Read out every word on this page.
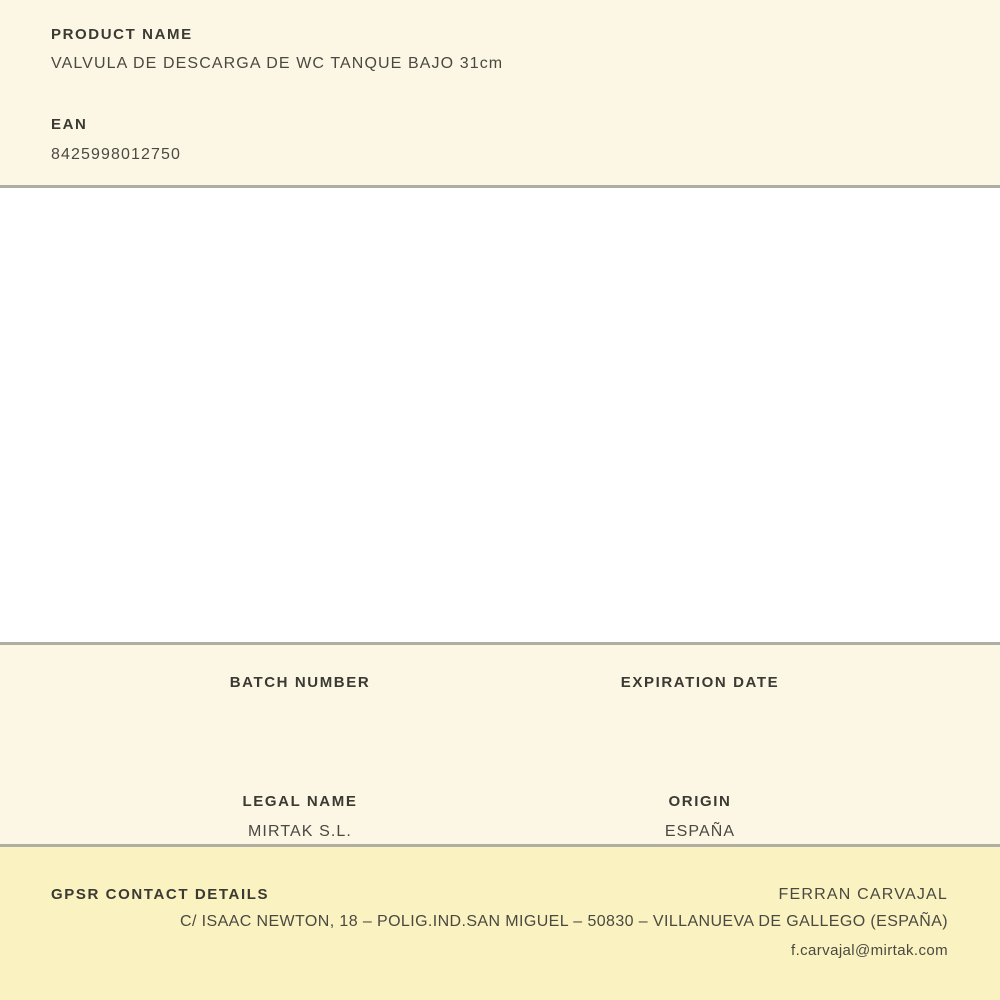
PRODUCT NAME
VALVULA DE DESCARGA DE WC TANQUE BAJO 31cm
EAN
8425998012750
BATCH NUMBER	EXPIRATION DATE
LEGAL NAME
MIRTAK S.L.
ORIGIN
ESPAÑA
GPSR CONTACT DETAILS	FERRAN CARVAJAL
C/ ISAAC NEWTON, 18 – POLIG.IND.SAN MIGUEL – 50830 – VILLANUEVA DE GALLEGO (ESPAÑA)
f.carvajal@mirtak.com
